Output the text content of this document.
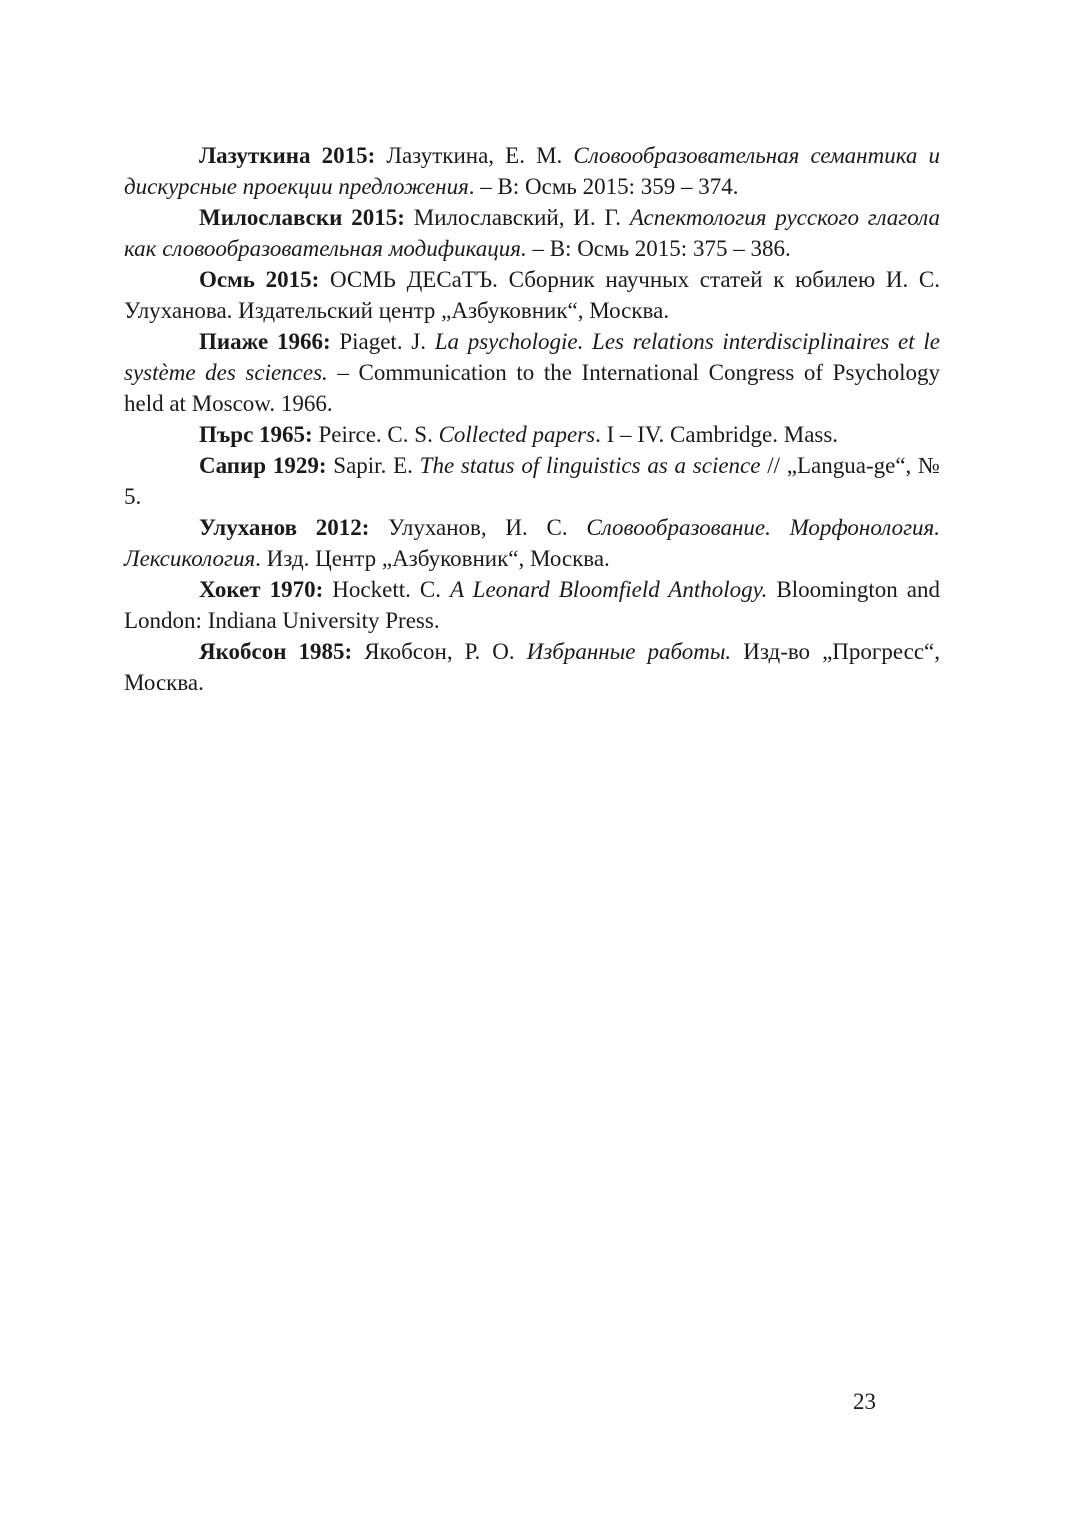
Лазуткина 2015: Лазуткина, Е. М. Словообразовательная семантика и дискурсные проекции предложения. – В: Осмь 2015: 359 – 374.

Милославски 2015: Милославский, И. Г. Аспектология русского глагола как словообразовательная модификация. – В: Осмь 2015: 375 – 386.

Осмь 2015: ОСМЬ ДЕСаТЪ. Сборник научных статей к юбилею И. С. Улуханова. Издательский центр „Азбуковник“, Москва.

Пиаже 1966: Piaget. J. La psychologie. Les relations interdisciplinaires et le systѐme des sciences. – Communication to the International Congress of Psychology held at Moscow. 1966.

Пърс 1965: Peirce. C. S. Collected papers. I – IV. Cambridge. Mass.

Сапир 1929: Sapir. E. The status of linguistics as a science // „Langua-ge“, № 5.

Улуханов 2012: Улуханов, И. С. Словообразование. Морфонология. Лексикология. Изд. Центр „Азбуковник“, Москва.

Хокет 1970: Hockett. C. A Leonard Bloomfield Anthology. Bloomington and London: Indiana University Press.

Якобсон 1985: Якобсон, Р. О. Избранные работы. Изд-во „Прогресс“, Москва.

23
